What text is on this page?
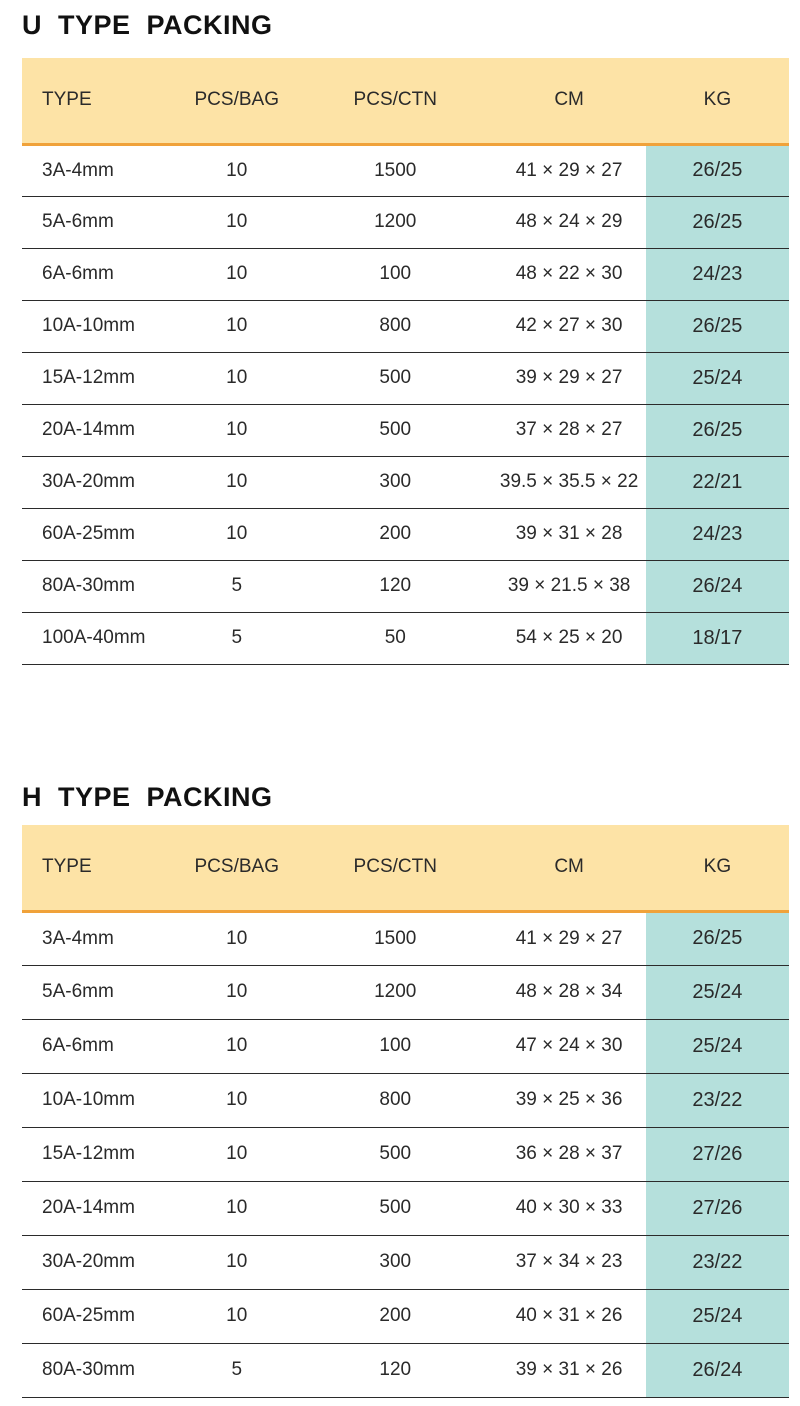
U  TYPE  PACKING
TYPE	PCS/BAG	PCS/CTN	CM	KG
3A-4mm	10	1500	41 × 29 × 27	26/25
5A-6mm	10	1200	48 × 24 × 29	26/25
6A-6mm	10	100	48 × 22 × 30	24/23
10A-10mm	10	800	42 × 27 × 30	26/25
15A-12mm	10	500	39 × 29 × 27	25/24
20A-14mm	10	500	37 × 28 × 27	26/25
30A-20mm	10	300	39.5 × 35.5 × 22	22/21
60A-25mm	10	200	39 × 31 × 28	24/23
80A-30mm	5	120	39 × 21.5 × 38	26/24
100A-40mm	5	50	54 × 25 × 20	18/17
H  TYPE  PACKING
TYPE	PCS/BAG	PCS/CTN	CM	KG
3A-4mm	10	1500	41 × 29 × 27	26/25
5A-6mm	10	1200	48 × 28 × 34	25/24
6A-6mm	10	100	47 × 24 × 30	25/24
10A-10mm	10	800	39 × 25 × 36	23/22
15A-12mm	10	500	36 × 28 × 37	27/26
20A-14mm	10	500	40 × 30 × 33	27/26
30A-20mm	10	300	37 × 34 × 23	23/22
60A-25mm	10	200	40 × 31 × 26	25/24
80A-30mm	5	120	39 × 31 × 26	26/24
